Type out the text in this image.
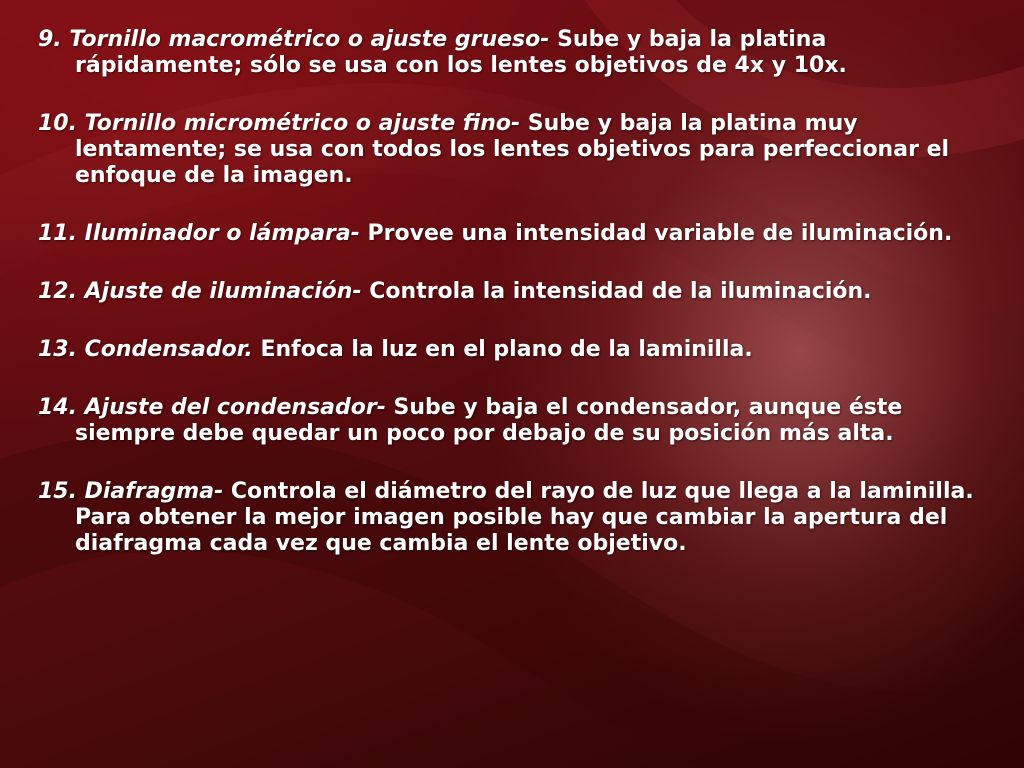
9. Tornillo macrométrico o ajuste grueso- Sube y baja la platina rápidamente; sólo se usa con los lentes objetivos de 4x y 10x.
10. Tornillo micrométrico o ajuste fino- Sube y baja la platina muy lentamente; se usa con todos los lentes objetivos para perfeccionar el enfoque de la imagen.
11. Iluminador o lámpara- Provee una intensidad variable de iluminación.
12. Ajuste de iluminación- Controla la intensidad de la iluminación.
13. Condensador. Enfoca la luz en el plano de la laminilla.
14. Ajuste del condensador- Sube y baja el condensador, aunque éste siempre debe quedar un poco por debajo de su posición más alta.
15. Diafragma- Controla el diámetro del rayo de luz que llega a la laminilla. Para obtener la mejor imagen posible hay que cambiar la apertura del diafragma cada vez que cambia el lente objetivo.
